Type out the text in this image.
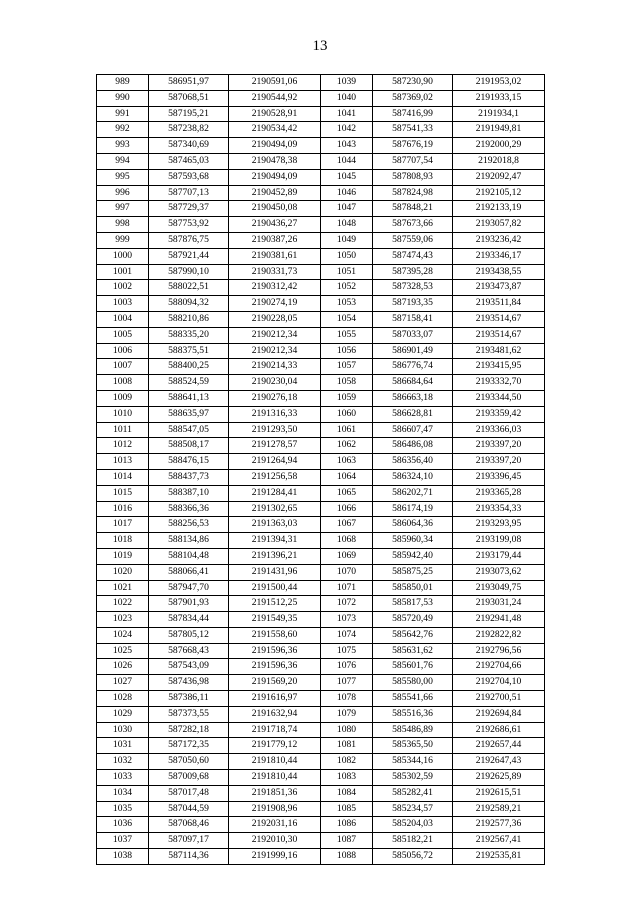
13
989	586951,97	2190591,06	1039	587230,90	2191953,02
990	587068,51	2190544,92	1040	587369,02	2191933,15
991	587195,21	2190528,91	1041	587416,99	2191934,1
992	587238,82	2190534,42	1042	587541,33	2191949,81
993	587340,69	2190494,09	1043	587676,19	2192000,29
994	587465,03	2190478,38	1044	587707,54	2192018,8
995	587593,68	2190494,09	1045	587808,93	2192092,47
996	587707,13	2190452,89	1046	587824,98	2192105,12
997	587729,37	2190450,08	1047	587848,21	2192133,19
998	587753,92	2190436,27	1048	587673,66	2193057,82
999	587876,75	2190387,26	1049	587559,06	2193236,42
1000	587921,44	2190381,61	1050	587474,43	2193346,17
1001	587990,10	2190331,73	1051	587395,28	2193438,55
1002	588022,51	2190312,42	1052	587328,53	2193473,87
1003	588094,32	2190274,19	1053	587193,35	2193511,84
1004	588210,86	2190228,05	1054	587158,41	2193514,67
1005	588335,20	2190212,34	1055	587033,07	2193514,67
1006	588375,51	2190212,34	1056	586901,49	2193481,62
1007	588400,25	2190214,33	1057	586776,74	2193415,95
1008	588524,59	2190230,04	1058	586684,64	2193332,70
1009	588641,13	2190276,18	1059	586663,18	2193344,50
1010	588635,97	2191316,33	1060	586628,81	2193359,42
1011	588547,05	2191293,50	1061	586607,47	2193366,03
1012	588508,17	2191278,57	1062	586486,08	2193397,20
1013	588476,15	2191264,94	1063	586356,40	2193397,20
1014	588437,73	2191256,58	1064	586324,10	2193396,45
1015	588387,10	2191284,41	1065	586202,71	2193365,28
1016	588366,36	2191302,65	1066	586174,19	2193354,33
1017	588256,53	2191363,03	1067	586064,36	2193293,95
1018	588134,86	2191394,31	1068	585960,34	2193199,08
1019	588104,48	2191396,21	1069	585942,40	2193179,44
1020	588066,41	2191431,96	1070	585875,25	2193073,62
1021	587947,70	2191500,44	1071	585850,01	2193049,75
1022	587901,93	2191512,25	1072	585817,53	2193031,24
1023	587834,44	2191549,35	1073	585720,49	2192941,48
1024	587805,12	2191558,60	1074	585642,76	2192822,82
1025	587668,43	2191596,36	1075	585631,62	2192796,56
1026	587543,09	2191596,36	1076	585601,76	2192704,66
1027	587436,98	2191569,20	1077	585580,00	2192704,10
1028	587386,11	2191616,97	1078	585541,66	2192700,51
1029	587373,55	2191632,94	1079	585516,36	2192694,84
1030	587282,18	2191718,74	1080	585486,89	2192686,61
1031	587172,35	2191779,12	1081	585365,50	2192657,44
1032	587050,60	2191810,44	1082	585344,16	2192647,43
1033	587009,68	2191810,44	1083	585302,59	2192625,89
1034	587017,48	2191851,36	1084	585282,41	2192615,51
1035	587044,59	2191908,96	1085	585234,57	2192589,21
1036	587068,46	2192031,16	1086	585204,03	2192577,36
1037	587097,17	2192010,30	1087	585182,21	2192567,41
1038	587114,36	2191999,16	1088	585056,72	2192535,81
